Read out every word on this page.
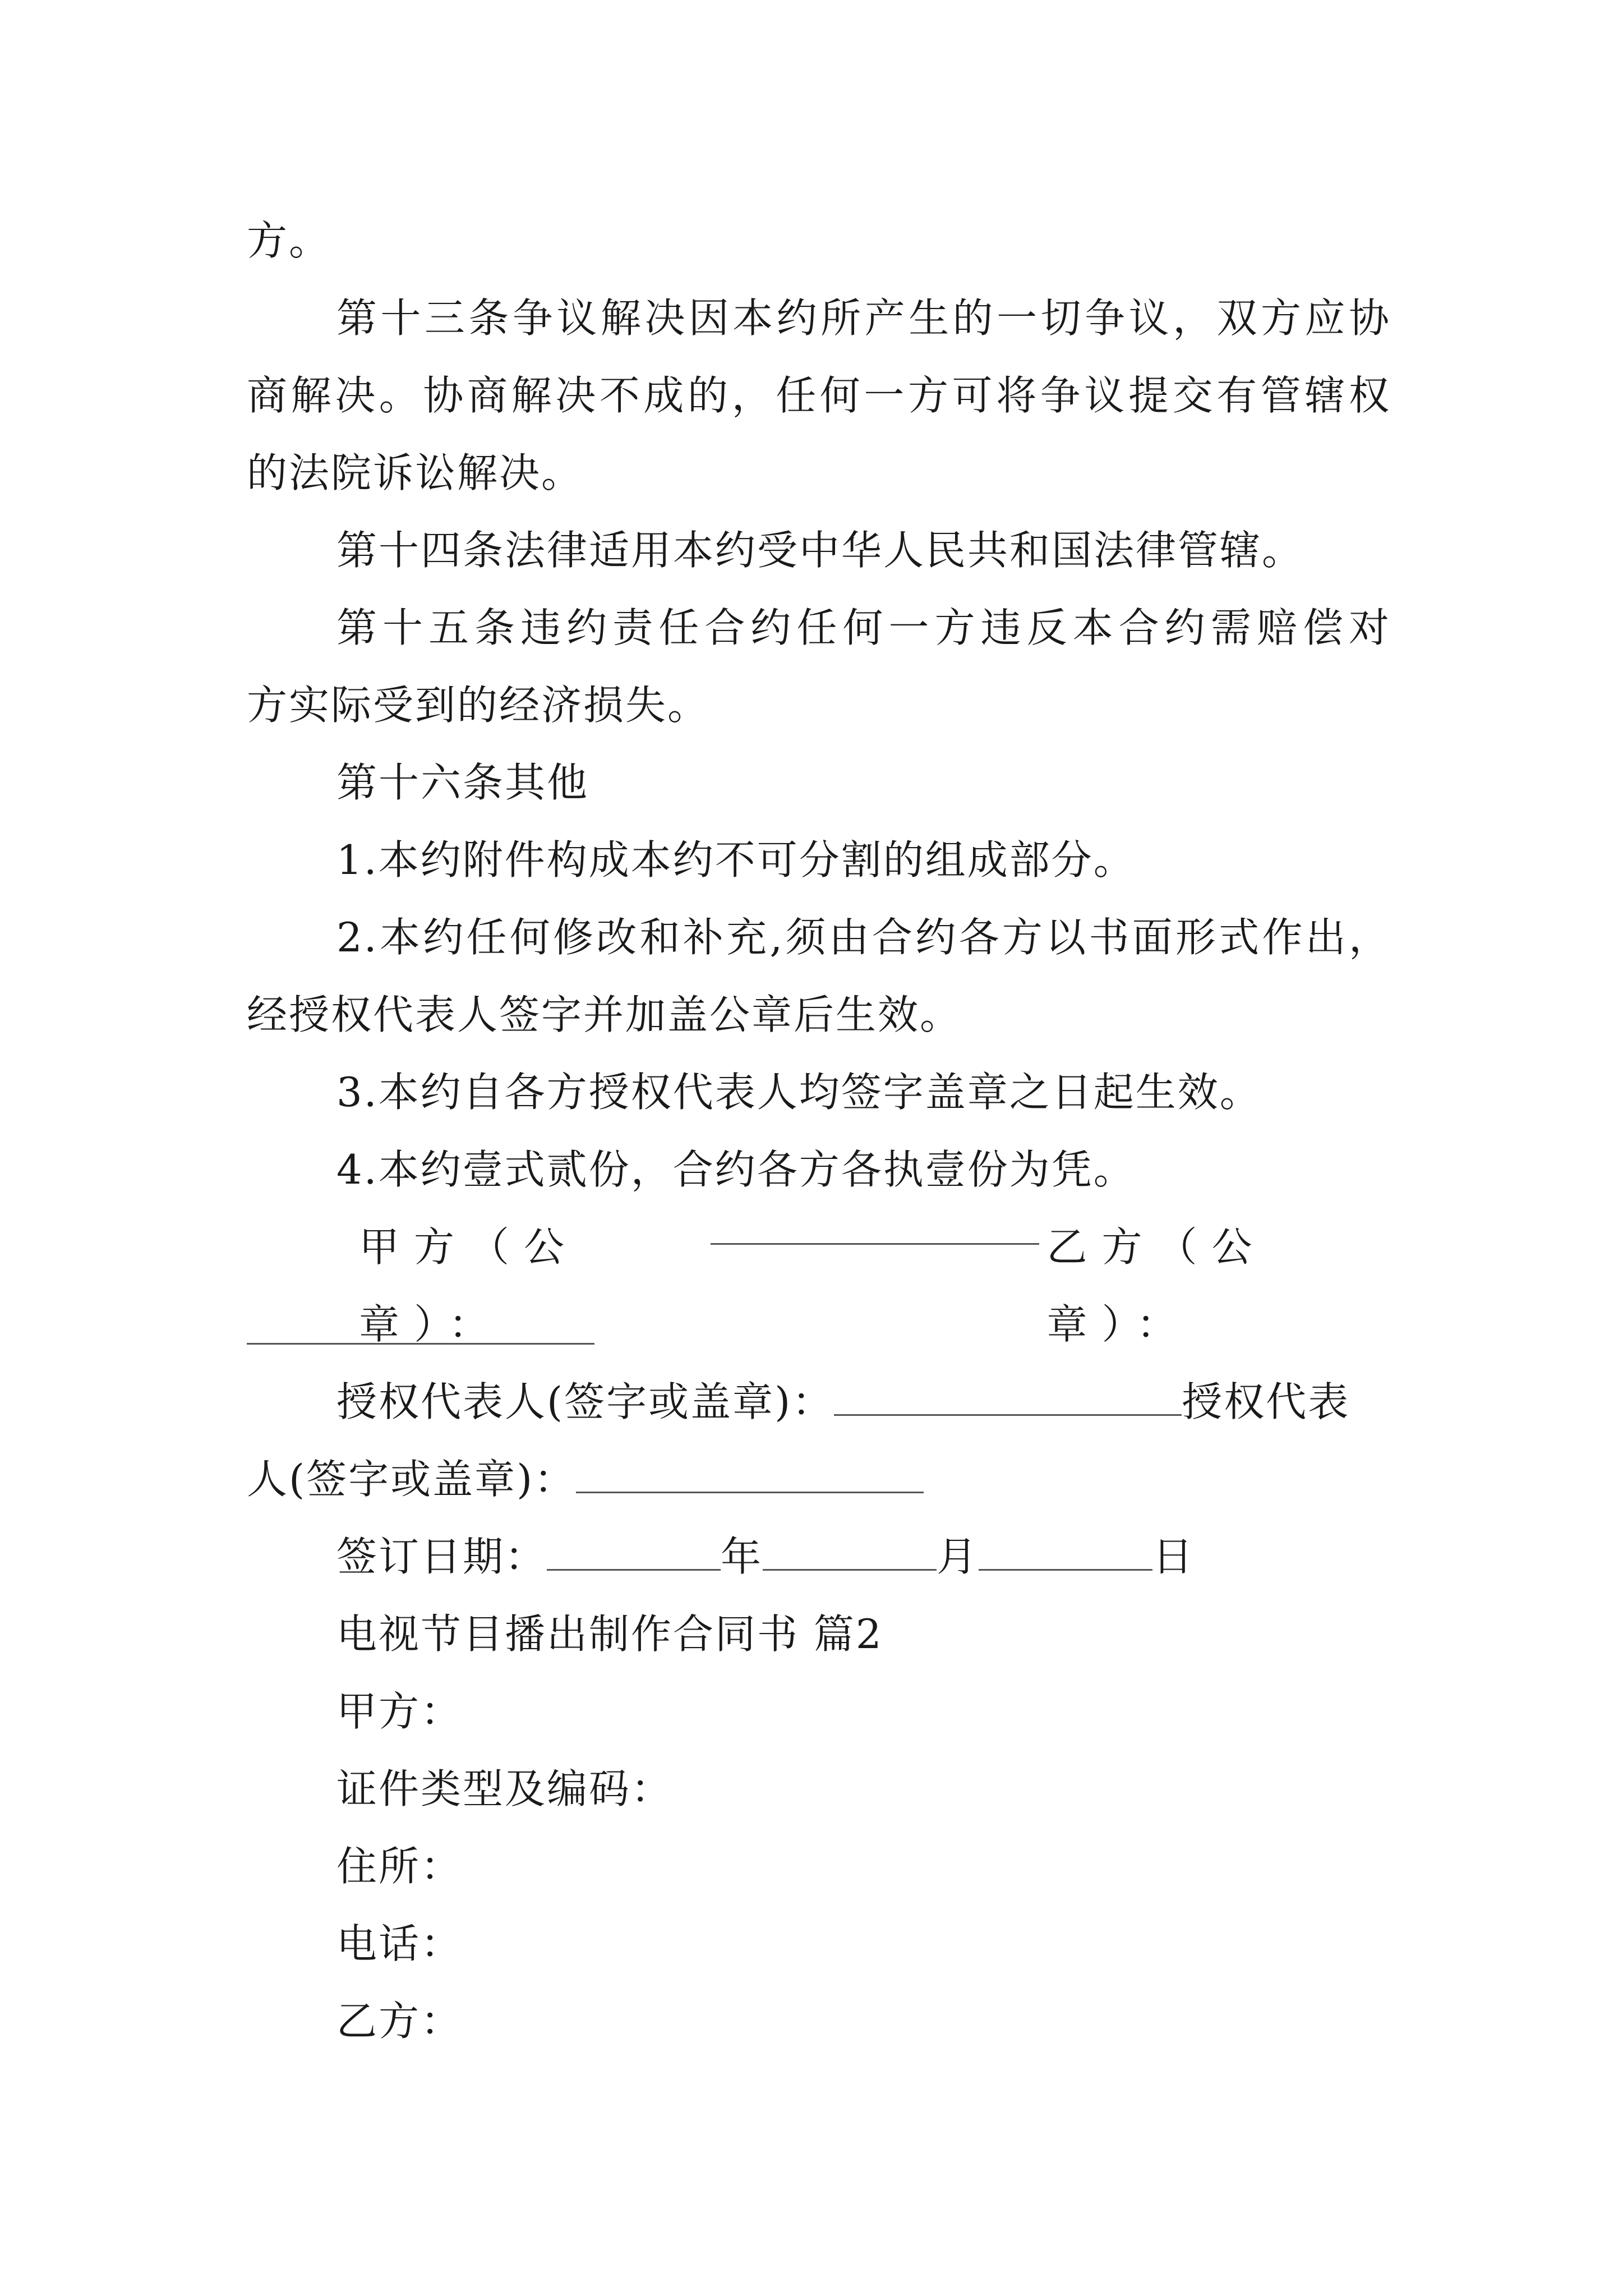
方。
第十三条争议解决因本约所产生的一切争议，双方应协
商解决。协商解决不成的，任何一方可将争议提交有管辖权
的法院诉讼解决。
第十四条法律适用本约受中华人民共和国法律管辖。
第十五条违约责任合约任何一方违反本合约需赔偿对
方实际受到的经济损失。
第十六条其他
1.本约附件构成本约不可分割的组成部分。
2.本约任何修改和补充,须由合约各方以书面形式作出，
经授权代表人签字并加盖公章后生效。
3.本约自各方授权代表人均签字盖章之日起生效。
4.本约壹式贰份，合约各方各执壹份为凭。
甲方（公章）：
乙方（公章）：
授权代表人(签字或盖章)：	授权代表
人(签字或盖章)：
签订日期：	年	月	日
电视节目播出制作合同书 篇2
甲方：
证件类型及编码：
住所：
电话：
乙方：
